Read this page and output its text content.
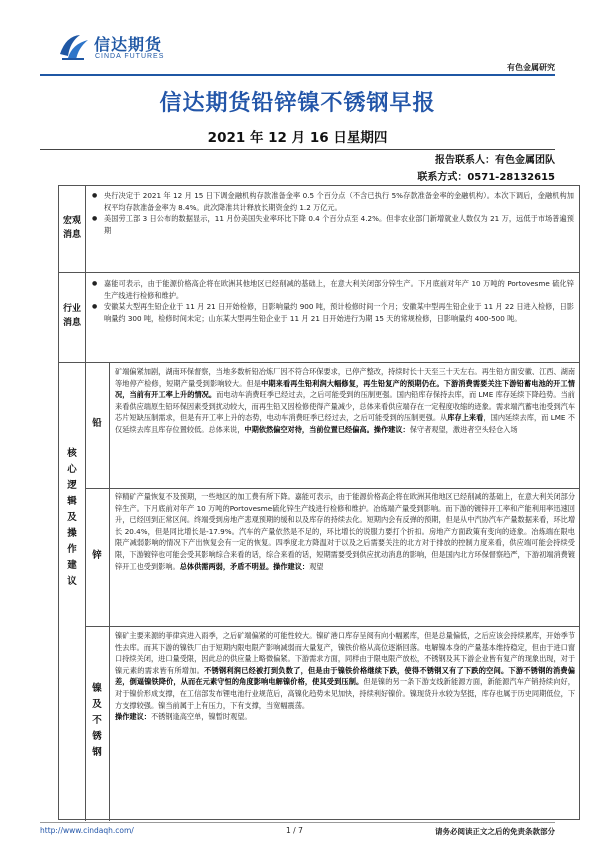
信达期货
CINDA FUTURES
有色金属研究
信达期货铅锌镍不锈钢早报
2021 年 12 月 16 日星期四
报告联系人：有色金属团队
联系方式：0571-28132615
宏观
消息
● 央行决定于 2021 年 12 月 15 日下调金融机构存款准备金率 0.5 个百分点（不含已执行 5%存款准备金率的金融机构）。本次下调后，金融机构加权平均存款准备金率为 8.4%。此次降准共计释放长期资金约 1.2 万亿元。
● 美国劳工部 3 日公布的数据显示，11 月份美国失业率环比下降 0.4 个百分点至 4.2%。但非农业部门新增就业人数仅为 21 万，远低于市场普遍预期
行业
消息
● 嘉能可表示，由于能源价格高企将在欧洲其他地区已经削减的基础上，在意大利关闭部分锌生产。下月底前对年产 10 万吨的 Portovesme 硫化锌生产线进行检修和维护。
● 安徽某大型再生铅企业于 11 月 21 日开始检修，日影响量约 900 吨，预计检修时间一个月；安徽某中型再生铅企业于 11 月 22 日进入检修，日影响量约 300 吨，检修时间未定；山东某大型再生铅企业于 11 月 21 日开始进行为期 15 天的常规检修，日影响量约 400-500 吨。
核
心
逻
辑
及
操
作
建
议
铅
矿端偏紧加剧，湖南环保督察，当地多数析铅冶炼厂因不符合环保要求，已停产整改，持续时长十天至三十天左右。再生铅方面安徽、江西、湖南等地停产检修，短期产量受到影响较大。但是中期来看再生铅利润大幅修复，再生铅复产的预期仍在。下游消费需要关注下游铅蓄电池的开工情况，当前有开工率上升的情况。而电动车消费旺季已经过去，之后可能受到的压制更强。国内铅库存保持去库，而 LME 库存延续下降趋势。当前来看供应端原生铅环保因素受到扰动较大，而再生铅又因检修使得产量减少，总体来看供应端存在一定程度收缩的迹象。需求端汽蓄电池受到汽车芯片短缺压制需求，但是有开工率上升的态势，电动车消费旺季已经过去，之后可能受到的压制更强。从库存上来看，国内延续去库，而 LME 不仅延续去库且库存位置较低。总体来说，中期依然偏空对待，当前位置已经偏高。操作建议：保守者观望，激进者空头轻仓入场
锌
锌精矿产量恢复不及预期，一些地区的加工费有所下降。嘉能可表示，由于能源价格高企将在欧洲其他地区已经削减的基础上，在意大利关闭部分锌生产。下月底前对年产 10 万吨的Portovesme硫化锌生产线进行检修和维护。冶炼端产量受到影响。而下游的镀锌开工率和产能利用率迅速回升，已经回到正常区间。终端受到房地产悲观预期的缓和以及库存的持续去化。短期内会有反弹的预期，但是从中汽协汽车产量数据来看，环比增长 20.4%，但是同比增长是-17.9%。汽车的产量依然是不足的，环比增长的说服力要打个折扣。房地产方面政策有变向的迹象。冶炼端在限电限产减弱影响的情况下产出恢复会有一定的恢复。四季度北方降温对于以及之后需要关注的北方对于排放的控制力度来看，供应端可能会持续受限，下游镀锌也可能会受其影响综合来看的话，综合来看的话，短期需要受到供应扰动消息的影响，但是国内北方环保督察趋严，下游初端消费镀锌开工也受到影响。总体供需两弱，矛盾不明显。操作建议：观望
镍
及
不
锈
钢
镍矿主要来源的菲律宾进入雨季，之后矿端偏紧的可能性较大。镍矿港口库存呈阅有向小幅累库，但是总量偏低，之后应该会持续累库，开始季节性去库。而其下游的镍铁厂由于短期内限电限产影响减弱而大量复产，镍铁价格从高位逐渐回落。电解镍本身的产量基本维持稳定，但由于进口窗口持续关闭，进口量受限，因此总的供应量上略微偏紧。下游需求方面，同样由于限电限产放松，不锈钢及其下游企业皆有复产的现象出现，对于镍元素的需求皆有所增加。不锈钢利润已经被打到负数了，但是由于镍铁价格继续下跌，使得不锈钢又有了下跌的空间。下游不锈钢的消费偏差，倒逼镍铁降价，从而在元素守恒的角度影响电解镍价格，使其受到压制。但是镍的另一条下游支线新能源方面，新能源汽车产销持续向好，对于镍价形成支撑，在工信部发布锂电池行业规范后，高镍化趋势未见加快，持续利好镍价。镍现货升水较为坚挺，库存也属于历史同期低位，下方支撑较强。镍当前属于上有压力，下有支撑，当宽幅震荡。
操作建议：不锈钢逢高空单，镍暂时观望。
http://www.cindaqh.com/	1 / 7	请务必阅读正文之后的免责条款部分
